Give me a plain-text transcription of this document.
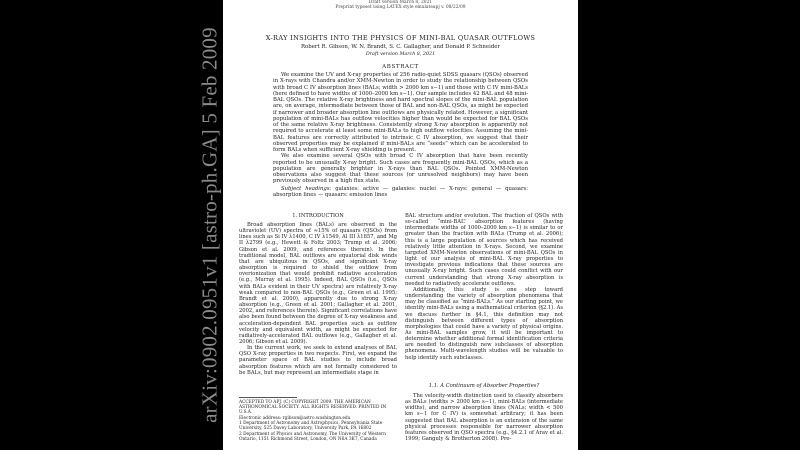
arXiv:0902.0951v1 [astro-ph.GA] 5 Feb 2009
Draft version March 8, 2021
Preprint typeset using LATEX style emulateapj v. 08/22/09
X-RAY INSIGHTS INTO THE PHYSICS OF MINI-BAL QUASAR OUTFLOWS
Robert R. Gibson, W. N. Brandt, S. C. Gallagher, and Donald P. Schneider
Draft version March 8, 2021
ABSTRACT

We examine the UV and X-ray properties of 256 radio-quiet SDSS quasars (QSOs) observed in X-rays with Chandra and/or XMM-Newton in order to study the relationship between QSOs with broad C IV absorption lines (BALs; width > 2000 km s−1) and those with C IV mini-BALs (here defined to have widths of 1000–2000 km s−1). Our sample includes 42 BAL and 48 mini-BAL QSOs. The relative X-ray brightness and hard spectral slopes of the mini-BAL population are, on average, intermediate between those of BAL and non-BAL QSOs, as might be expected if narrower and broader absorption line outflows are physically related. However, a significant population of mini-BALs has outflow velocities higher than would be expected for BAL QSOs of the same relative X-ray brightness. Consistently strong X-ray absorption is apparently not required to accelerate at least some mini-BALs to high outflow velocities. Assuming the mini-BAL features are correctly attributed to intrinsic C IV absorption, we suggest that their observed properties may be explained if mini-BALs are “seeds” which can be accelerated to form BALs when sufficient X-ray shielding is present.

We also examine several QSOs with broad C IV absorption that have been recently reported to be unusually X-ray bright. Such cases are frequently mini-BAL QSOs, which as a population are generally brighter in X-rays than BAL QSOs. Pointed XMM-Newton observations also suggest that these sources (or unresolved neighbors) may have been previously observed in a high flux state.

Subject headings: galaxies: active — galaxies: nuclei — X-rays: general — quasars: absorption lines — quasars: emission lines
1. INTRODUCTION

Broad absorption lines (BALs) are observed in the ultraviolet (UV) spectra of ≈15% of quasars (QSOs) from lines such as Si IV λ1400, C IV λ1549, Al III λ1857, and Mg II λ2799 (e.g., Hewett & Foltz 2003; Trump et al. 2006; Gibson et al. 2009, and references therein). In the traditional model, BAL outflows are equatorial disk winds that are ubiquitous in QSOs, and significant X-ray absorption is required to shield the outflow from overionization that would prohibit radiative acceleration (e.g., Murray et al. 1995). Indeed, BAL QSOs (i.e., QSOs with BALs evident in their UV spectra) are relatively X-ray weak compared to non-BAL QSOs (e.g., Green et al. 1995; Brandt et al. 2000), apparently due to strong X-ray absorption (e.g., Green et al. 2001; Gallagher et al. 2001, 2002, and references therein). Significant correlations have also been found between the degree of X-ray weakness and acceleration-dependent BAL properties such as outflow velocity and equivalent width, as might be expected for radiatively-accelerated BAL outflows (e.g., Gallagher et al. 2006; Gibson et al. 2009).

In the current work, we seek to extend analyses of BAL QSO X-ray properties in two respects. First, we expand the parameter space of BAL studies to include broad absorption features which are not formally considered to be BALs, but may represent an intermediate stage in

ACCEPTED TO APJ. (C) COPYRIGHT 2009. THE AMERICAN ASTRONOMICAL SOCIETY. ALL RIGHTS RESERVED. PRINTED IN U.S.A.

Electronic address: rgibson@astro.washington.edu

1 Department of Astronomy and Astrophysics, Pennsylvania State University, 525 Davey Laboratory, University Park, PA 16802

2 Department of Physics and Astronomy, The University of Western Ontario, 1151 Richmond Street, London, ON N6A 3K7, Canada

BAL structure and/or evolution. The fraction of QSOs with so-called “mini-BAL” absorption features (having intermediate widths of 1000–2000 km s−1) is similar to or greater than the fraction with BALs (Trump et al. 2006); this is a large population of sources which has received relatively little attention in X-rays. Second, we examine targeted XMM-Newton observations of mini-BAL QSOs in light of our analysis of mini-BAL X-ray properties to investigate previous indications that these sources are unusually X-ray bright. Such cases could conflict with our current understanding that strong X-ray absorption is needed to radiatively accelerate outflows.

Additionally, this study is one step toward understanding the variety of absorption phenomena that may be classified as “mini-BALs.” As our starting point, we identify mini-BALs using a mathematical criterion (§2.1). As we discuss further in §4.1, this definition may not distinguish between different types of absorption morphologies that could have a variety of physical origins. As mini-BAL samples grow, it will be important to determine whether additional formal identification criteria are needed to distinguish new subclasses of absorption phenomena. Multi-wavelength studies will be valuable to help identify such subclasses.

1.1. A Continuum of Absorber Properties?

The velocity-width distinction used to classify absorbers as BALs (widths > 2000 km s−1), mini-BALs (intermediate widths), and narrow absorption lines (NALs; width < 500 km s−1 for C IV) is somewhat arbitrary; it has been suggested that BAL absorption is an extension of the same physical processes responsible for narrower absorption features observed in QSO spectra (e.g., §4.2.1 of Arav et al. 1999; Ganguly & Brotherton 2008). Pre-
